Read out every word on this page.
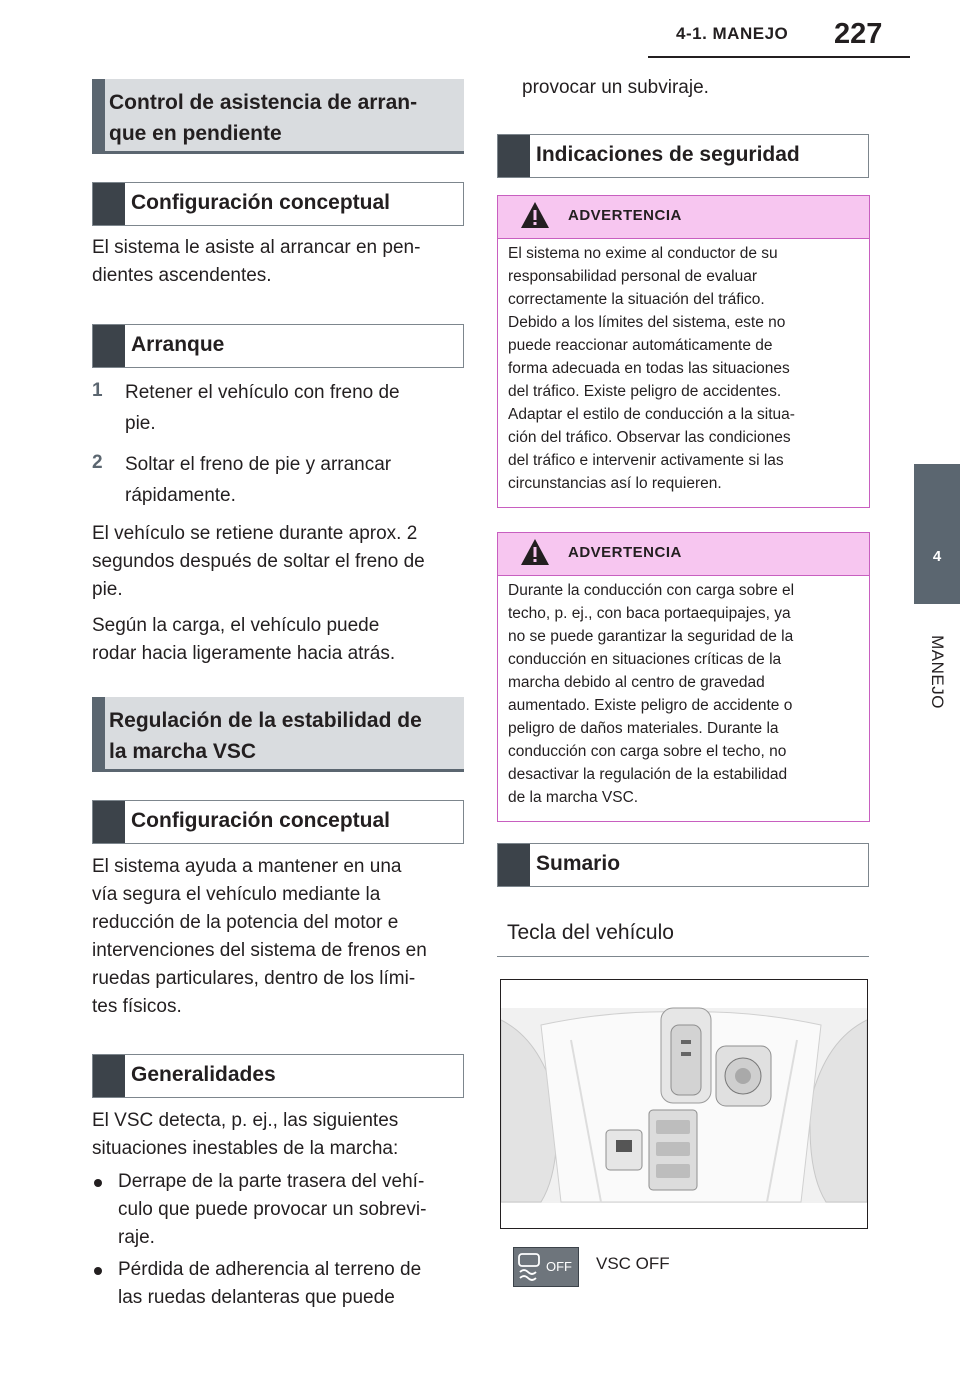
4-1. MANEJO	227
4
MANEJO
Control de asistencia de arran-
que en pendiente
Configuración conceptual
El sistema le asiste al arrancar en pen-
dientes ascendentes.
Arranque
1 Retener el vehículo con freno de
pie.
2 Soltar el freno de pie y arrancar
rápidamente.
El vehículo se retiene durante aprox. 2
segundos después de soltar el freno de
pie.
Según la carga, el vehículo puede
rodar hacia ligeramente hacia atrás.
Regulación de la estabilidad de
la marcha VSC
Configuración conceptual
El sistema ayuda a mantener en una
vía segura el vehículo mediante la
reducción de la potencia del motor e
intervenciones del sistema de frenos en
ruedas particulares, dentro de los lími-
tes físicos.
Generalidades
El VSC detecta, p. ej., las siguientes
situaciones inestables de la marcha:
Derrape de la parte trasera del vehí-
culo que puede provocar un sobrevi-
raje.
Pérdida de adherencia al terreno de
las ruedas delanteras que puede
provocar un subviraje.
Indicaciones de seguridad
ADVERTENCIA
El sistema no exime al conductor de su
responsabilidad personal de evaluar
correctamente la situación del tráfico.
Debido a los límites del sistema, este no
puede reaccionar automáticamente de
forma adecuada en todas las situaciones
del tráfico. Existe peligro de accidentes.
Adaptar el estilo de conducción a la situa-
ción del tráfico. Observar las condiciones
del tráfico e intervenir activamente si las
circunstancias así lo requieren.
ADVERTENCIA
Durante la conducción con carga sobre el
techo, p. ej., con baca portaequipajes, ya
no se puede garantizar la seguridad de la
conducción en situaciones críticas de la
marcha debido al centro de gravedad
aumentado. Existe peligro de accidente o
peligro de daños materiales. Durante la
conducción con carga sobre el techo, no
desactivar la regulación de la estabilidad
de la marcha VSC.
Sumario
Tecla del vehículo
OFF VSC OFF
